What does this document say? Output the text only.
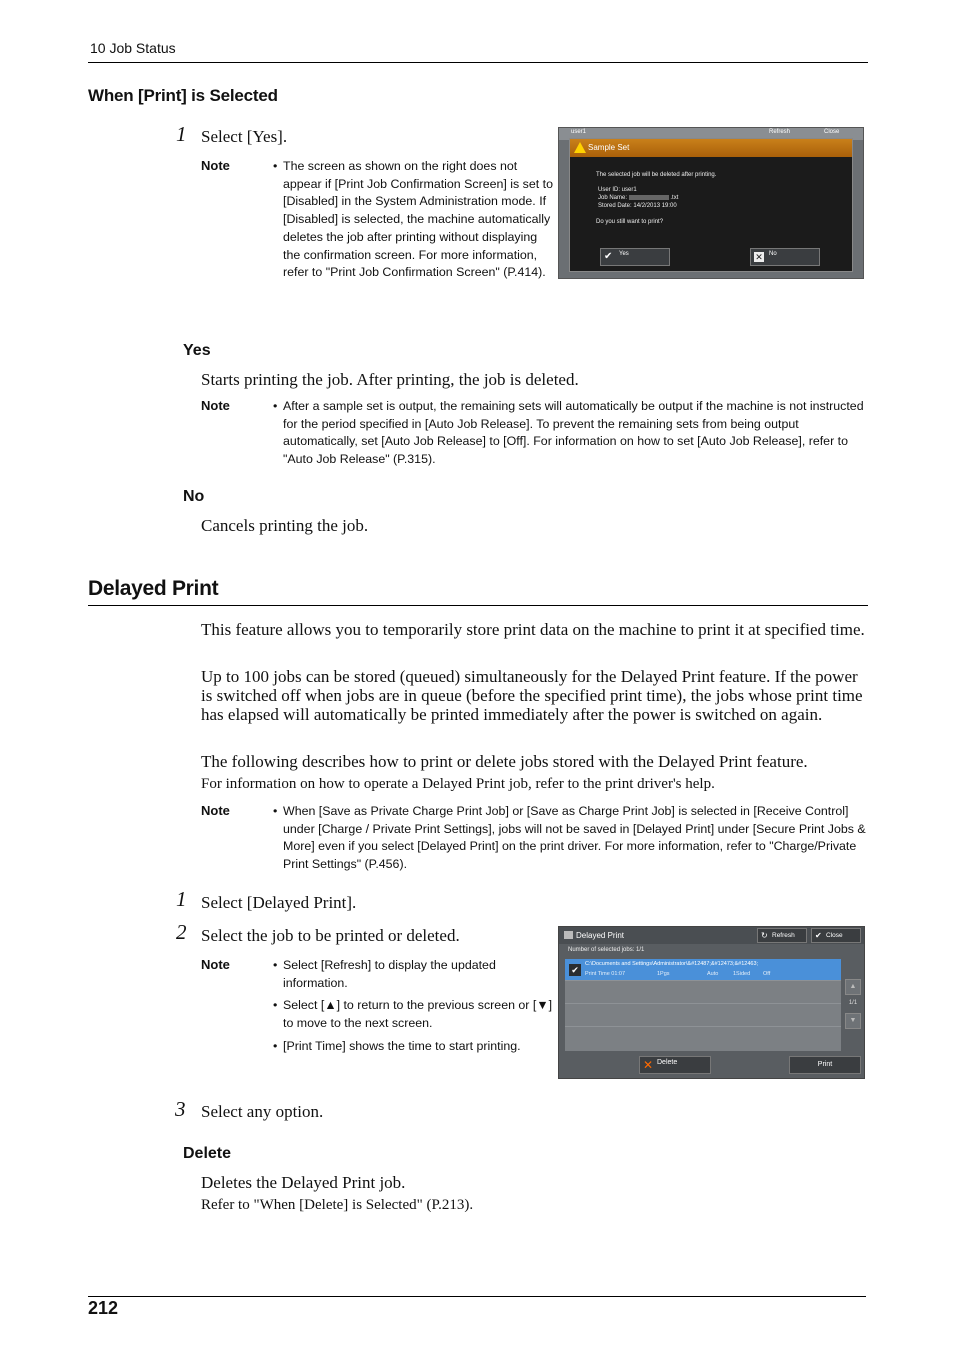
10 Job Status
When [Print] is Selected
1 Select [Yes].
Note	• The screen as shown on the right does not appear if [Print Job Confirmation Screen] is set to [Disabled] in the System Administration mode. If [Disabled] is selected, the machine automatically deletes the job after printing without displaying the confirmation screen. For more information, refer to "Print Job Confirmation Screen" (P.414).
user1	Refresh	Close
Sample Set
The selected job will be deleted after printing.
User ID: user1
Job Name:	.txt
Stored Date: 14/2/2013 19:00
Do you still want to print?
✔ Yes	✕ No
Yes
Starts printing the job. After printing, the job is deleted.
Note	• After a sample set is output, the remaining sets will automatically be output if the machine is not instructed for the period specified in [Auto Job Release]. To prevent the remaining sets from being output automatically, set [Auto Job Release] to [Off]. For information on how to set [Auto Job Release], refer to "Auto Job Release" (P.315).
No
Cancels printing the job.
Delayed Print
This feature allows you to temporarily store print data on the machine to print it at specified time.
Up to 100 jobs can be stored (queued) simultaneously for the Delayed Print feature. If the power is switched off when jobs are in queue (before the specified print time), the jobs whose print time has elapsed will automatically be printed immediately after the power is switched on again.
The following describes how to print or delete jobs stored with the Delayed Print feature.
For information on how to operate a Delayed Print job, refer to the print driver's help.
Note	• When [Save as Private Charge Print Job] or [Save as Charge Print Job] is selected in [Receive Control] under [Charge / Private Print Settings], jobs will not be saved in [Delayed Print] under [Secure Print Jobs & More] even if you select [Delayed Print] on the print driver. For more information, refer to "Charge/Private Print Settings" (P.456).
1 Select [Delayed Print].
2 Select the job to be printed or deleted.
Note	• Select [Refresh] to display the updated information.
• Select [▲] to return to the previous screen or [▼] to move to the next screen.
• [Print Time] shows the time to start printing.
Delayed Print	↻ Refresh	✔ Close
Number of selected jobs: 1/1
✔
C:\Documents and Settings\Administrator\&#12487;&#12473;&#12463;
Print Time 01:07	1Pgs	Auto	1Sided Off
▲
1/1
▼
✕ Delete	Print
3 Select any option.
Delete
Deletes the Delayed Print job.
Refer to "When [Delete] is Selected" (P.213).
212
